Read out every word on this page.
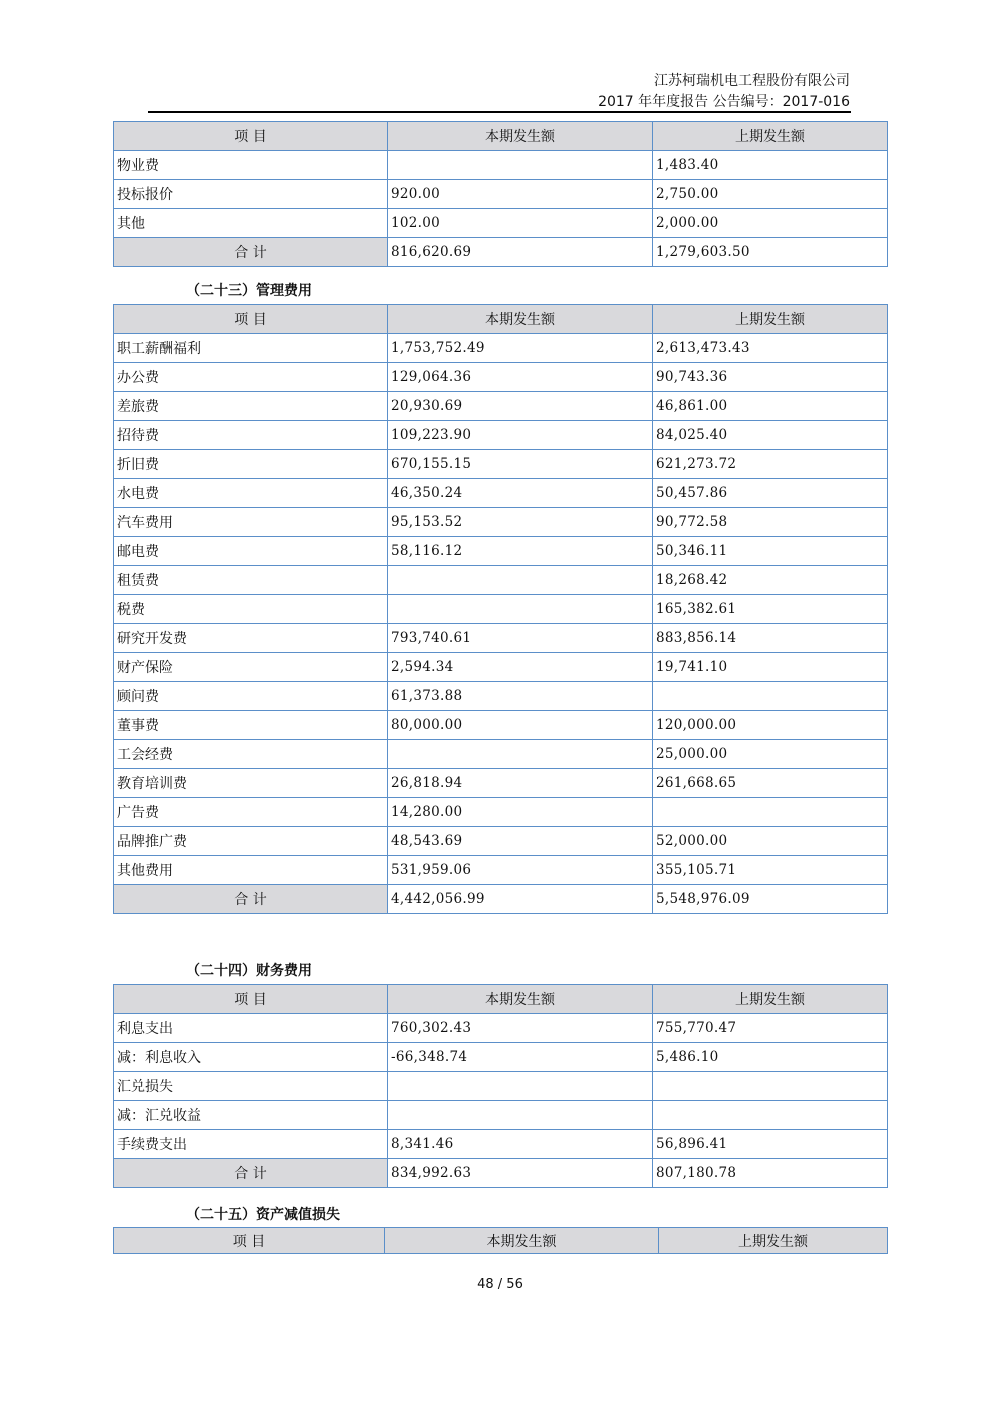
江苏柯瑞机电工程股份有限公司
2017 年年度报告 公告编号：2017-016
项 目	本期发生额	上期发生额
物业费		1,483.40
投标报价	920.00	2,750.00
其他	102.00	2,000.00
合 计	816,620.69	1,279,603.50
（二十三）管理费用
项 目	本期发生额	上期发生额
职工薪酬福利	1,753,752.49	2,613,473.43
办公费	129,064.36	90,743.36
差旅费	20,930.69	46,861.00
招待费	109,223.90	84,025.40
折旧费	670,155.15	621,273.72
水电费	46,350.24	50,457.86
汽车费用	95,153.52	90,772.58
邮电费	58,116.12	50,346.11
租赁费		18,268.42
税费		165,382.61
研究开发费	793,740.61	883,856.14
财产保险	2,594.34	19,741.10
顾问费	61,373.88	
董事费	80,000.00	120,000.00
工会经费		25,000.00
教育培训费	26,818.94	261,668.65
广告费	14,280.00	
品牌推广费	48,543.69	52,000.00
其他费用	531,959.06	355,105.71
合 计	4,442,056.99	5,548,976.09
（二十四）财务费用
项 目	本期发生额	上期发生额
利息支出	760,302.43	755,770.47
减：利息收入	-66,348.74	5,486.10
汇兑损失		
减：汇兑收益		
手续费支出	8,341.46	56,896.41
合 计	834,992.63	807,180.78
（二十五）资产减值损失
项 目	本期发生额	上期发生额
48 / 56
